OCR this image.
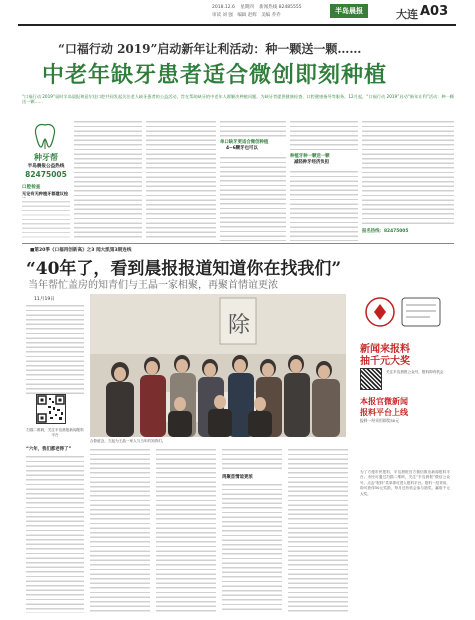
2018.12.6 星期四 新闻热线 82485555
审读 刘 强 编辑 赵辉 美编 乔乔
半岛晨报	大连 A03
“口福行动 2019”启动新年让利活动：种一颗送一颗……
中老年缺牙患者适合微创即刻种植
“口福行动 2019”届时半岛晨报和意尔佳口腔共同发起关注老人缺牙患者的公益活动，旨在帮助缺牙的中老年人群解决种植问题。为缺牙者提供健康检查、口腔健康指导等服务。12月起，“口福行动 2019”启动“新年让利”活动：种一颗送一颗……
种牙帮
半岛晨报公益热线
82475005
口腔检查
无论有无种植牙都建议检
单口缺牙更适合微创种植
4~6颗牙也可以
种植牙种一颗送一颗
减轻种牙经济负担
报名热线：82475005
■第20季《口福再创新高》之3 闻大凯第3期连线
“40年了，看到晨报报道知道你在找我们”
当年帮忙盖房的知青们与王晶一家相聚，再聚首情谊更浓
11月19日
扫描二维码，关注半岛晨报新闻报料平台
除
合影留念，左起为王晶一家人与当年的知青们。
“六年，我们都老得了”
再聚首情谊更浓
新闻来报料
抽千元大奖
关注半岛晨报公众号，报料即有机会
本报官微新闻
报料平台上线
报料一经采用即奖50元
为了方便市民报料，半岛晨报官方微信推出新闻报料平台。市民可通过扫描二维码，关注“半岛晨报”微信公众号，点击“报料”菜单即可进入报料平台。报料一经采用，即可获得50元奖励，每月还有机会参与抽奖，赢取千元大奖。
